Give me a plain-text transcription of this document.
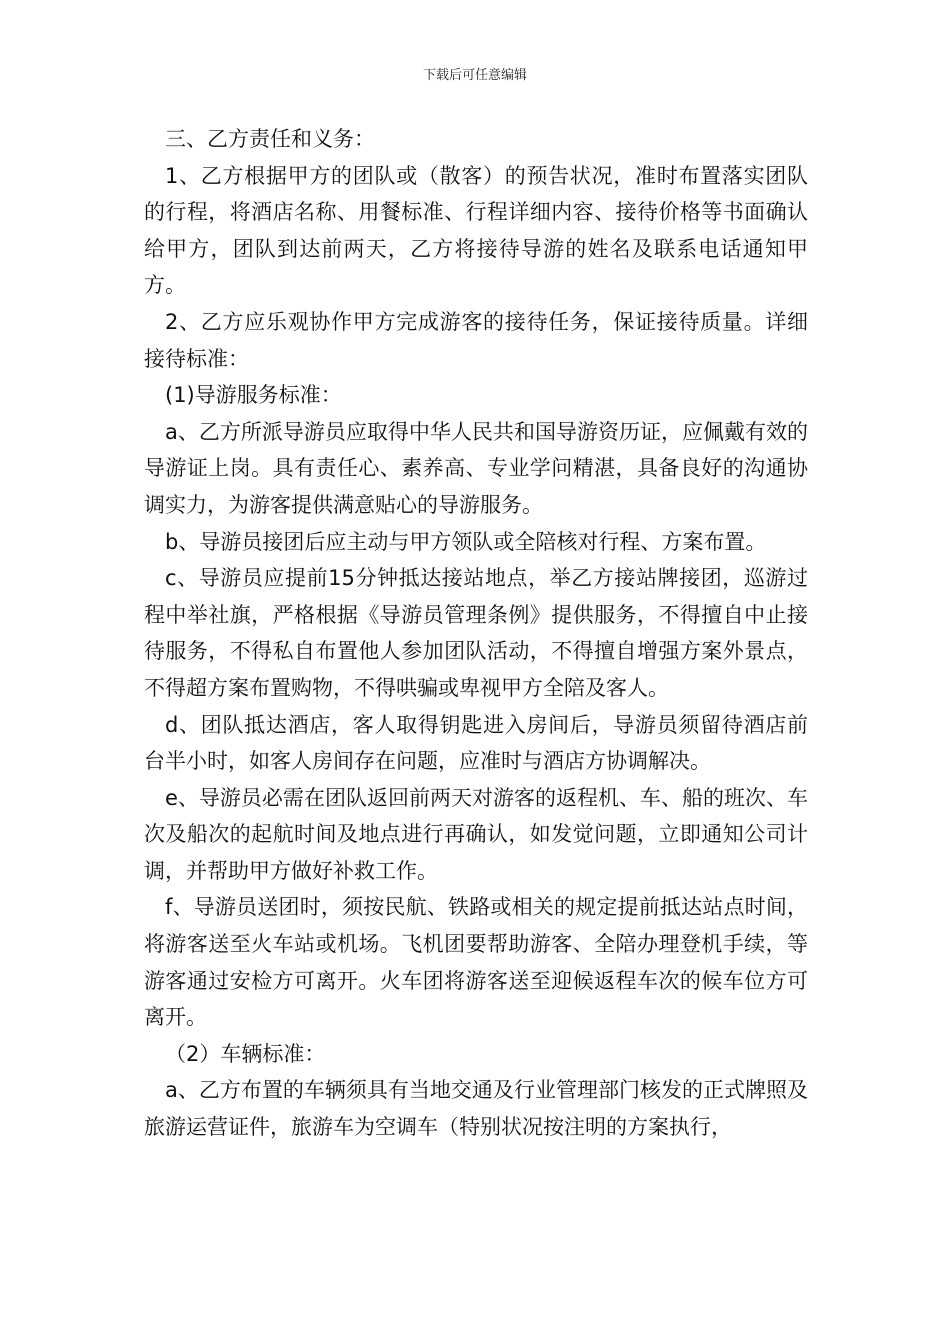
下载后可任意编辑

三、乙方责任和义务：

1、乙方根据甲方的团队或（散客）的预告状况，准时布置落实团队的行程，将酒店名称、用餐标准、行程详细内容、接待价格等书面确认给甲方，团队到达前两天，乙方将接待导游的姓名及联系电话通知甲方。

2、乙方应乐观协作甲方完成游客的接待任务，保证接待质量。详细接待标准：

(1)导游服务标准：

a、乙方所派导游员应取得中华人民共和国导游资历证，应佩戴有效的导游证上岗。具有责任心、素养高、专业学问精湛，具备良好的沟通协调实力，为游客提供满意贴心的导游服务。

b、导游员接团后应主动与甲方领队或全陪核对行程、方案布置。

c、导游员应提前15分钟抵达接站地点，举乙方接站牌接团，巡游过程中举社旗，严格根据《导游员管理条例》提供服务，不得擅自中止接待服务，不得私自布置他人参加团队活动，不得擅自增强方案外景点，不得超方案布置购物，不得哄骗或卑视甲方全陪及客人。

d、团队抵达酒店，客人取得钥匙进入房间后，导游员须留待酒店前台半小时，如客人房间存在问题，应准时与酒店方协调解决。

e、导游员必需在团队返回前两天对游客的返程机、车、船的班次、车次及船次的起航时间及地点进行再确认，如发觉问题，立即通知公司计调，并帮助甲方做好补救工作。

f、导游员送团时，须按民航、铁路或相关的规定提前抵达站点时间，将游客送至火车站或机场。飞机团要帮助游客、全陪办理登机手续，等游客通过安检方可离开。火车团将游客送至迎候返程车次的候车位方可离开。

（2）车辆标准：

a、乙方布置的车辆须具有当地交通及行业管理部门核发的正式牌照及旅游运营证件，旅游车为空调车（特别状况按注明的方案执行，
